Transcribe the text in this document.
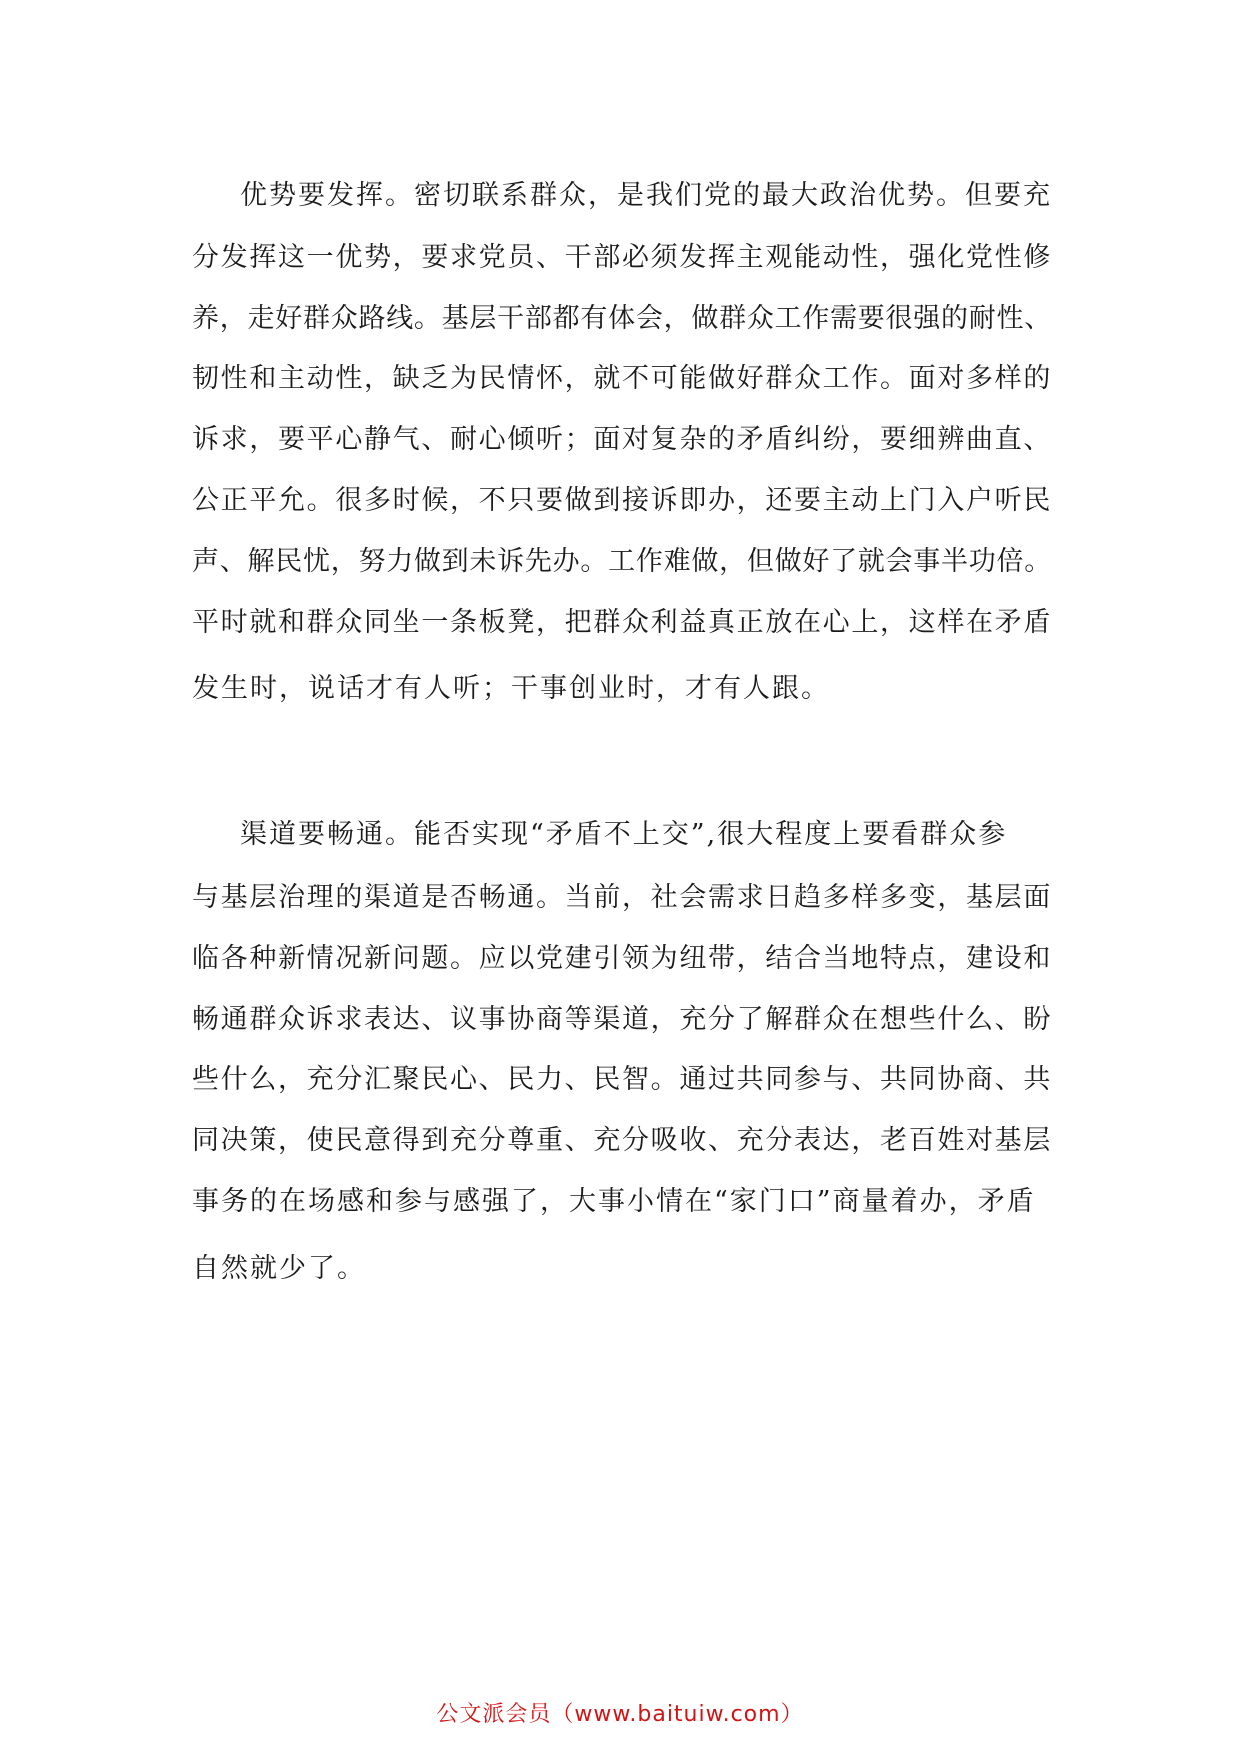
优势要发挥。密切联系群众，是我们党的最大政治优势。但要充
分发挥这一优势，要求党员、干部必须发挥主观能动性，强化党性修
养，走好群众路线。基层干部都有体会，做群众工作需要很强的耐性、
韧性和主动性，缺乏为民情怀，就不可能做好群众工作。面对多样的
诉求，要平心静气、耐心倾听；面对复杂的矛盾纠纷，要细辨曲直、
公正平允。很多时候，不只要做到接诉即办，还要主动上门入户听民
声、解民忧，努力做到未诉先办。工作难做，但做好了就会事半功倍。
平时就和群众同坐一条板凳，把群众利益真正放在心上，这样在矛盾
发生时，说话才有人听；干事创业时，才有人跟。
渠道要畅通。能否实现“矛盾不上交”,很大程度上要看群众参
与基层治理的渠道是否畅通。当前，社会需求日趋多样多变，基层面
临各种新情况新问题。应以党建引领为纽带，结合当地特点，建设和
畅通群众诉求表达、议事协商等渠道，充分了解群众在想些什么、盼
些什么，充分汇聚民心、民力、民智。通过共同参与、共同协商、共
同决策，使民意得到充分尊重、充分吸收、充分表达，老百姓对基层
事务的在场感和参与感强了，大事小情在“家门口”商量着办，矛盾
自然就少了。
公文派会员（www.baituiw.com）
